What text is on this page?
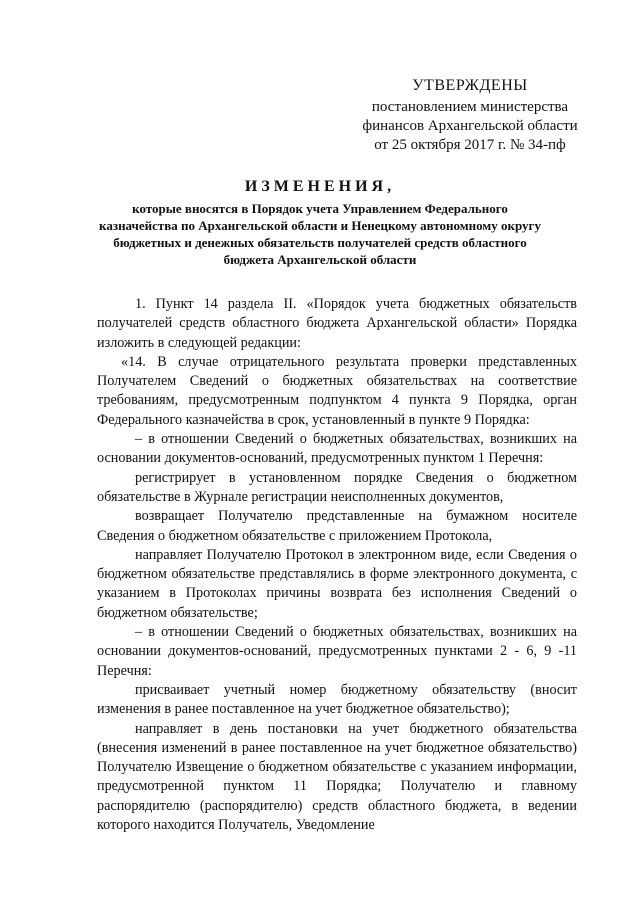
УТВЕРЖДЕНЫ
постановлением министерства
финансов Архангельской области
от 25 октября 2017 г. № 34-пф
ИЗМЕНЕНИЯ,
которые вносятся в Порядок учета Управлением Федерального казначейства по Архангельской области и Ненецкому автономному округу бюджетных и денежных обязательств получателей средств областного бюджета Архангельской области

1. Пункт 14 раздела II. «Порядок учета бюджетных обязательств получателей средств областного бюджета Архангельской области» Порядка изложить в следующей редакции:

«14. В случае отрицательного результата проверки представленных Получателем Сведений о бюджетных обязательствах на соответствие требованиям, предусмотренным подпунктом 4 пункта 9 Порядка, орган Федерального казначейства в срок, установленный в пункте 9 Порядка:

– в отношении Сведений о бюджетных обязательствах, возникших на основании документов-оснований, предусмотренных пунктом 1 Перечня:

регистрирует в установленном порядке Сведения о бюджетном обязательстве в Журнале регистрации неисполненных документов,

возвращает Получателю представленные на бумажном носителе Сведения о бюджетном обязательстве с приложением Протокола,

направляет Получателю Протокол в электронном виде, если Сведения о бюджетном обязательстве представлялись в форме электронного документа, с указанием в Протоколах причины возврата без исполнения Сведений о бюджетном обязательстве;

– в отношении Сведений о бюджетных обязательствах, возникших на основании документов-оснований, предусмотренных пунктами 2 - 6, 9 -11 Перечня:

присваивает учетный номер бюджетному обязательству (вносит изменения в ранее поставленное на учет бюджетное обязательство);

направляет в день постановки на учет бюджетного обязательства (внесения изменений в ранее поставленное на учет бюджетное обязательство) Получателю Извещение о бюджетном обязательстве с указанием информации, предусмотренной пунктом 11 Порядка; Получателю и главному распорядителю (распорядителю) средств областного бюджета, в ведении которого находится Получатель, Уведомление
